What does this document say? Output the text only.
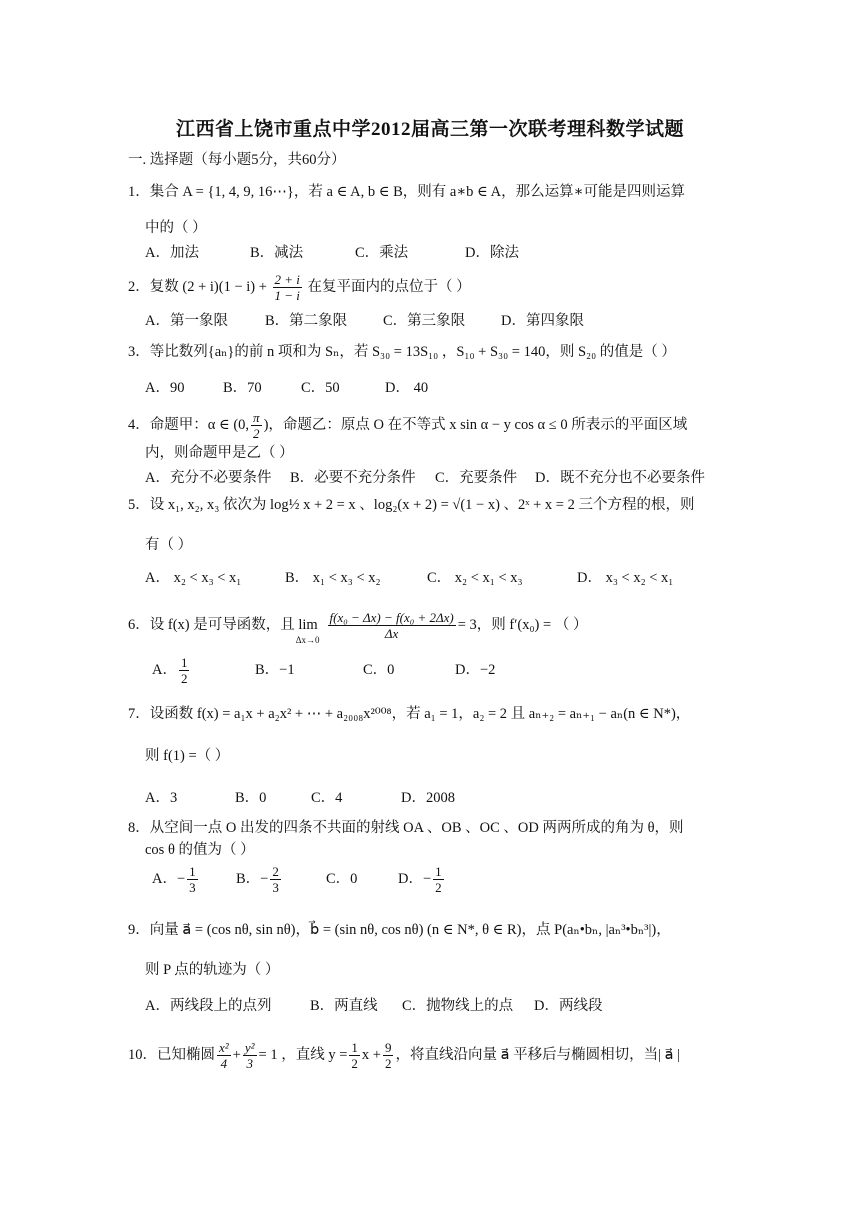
江西省上饶市重点中学2012届高三第一次联考理科数学试题
一. 选择题（每小题5分，共60分）
1．集合 A = {1, 4, 9, 16⋯}，若 a ∈ A, b ∈ B，则有 a∗b ∈ A，那么运算∗可能是四则运算
中的（ ）
A．加法	B．减法	C．乘法	D．除法
2．复数 $(2 + i)(1 - i) + \frac{2 + i}{1 - i}$ 在复平面内的点位于（ ）
A．第一象限	B．第二象限 C．第三象限 D．第四象限
3．等比数列{aₙ}的前 n 项和为 Sₙ，若 S₃₀ = 13S₁₀ ，S₁₀ + S₃₀ = 140，则 S₂₀ 的值是（ ）
A．90	B．70	C．50	D． 40
4．命题甲：α ∈ (0, $\frac{\pi}{2}$ )，命题乙：原点 O 在不等式 x sin α − y cos α ≤ 0 所表示的平面区域
内，则命题甲是乙（ ）
A．充分不必要条件 B．必要不充分条件 C．充要条件 D．既不充分也不必要条件
5．设 x₁, x₂, x₃ 依次为 log½ x + 2 = x 、log₂(x + 2) = √(1 − x) 、2ˣ + x = 2 三个方程的根，则
有（ ）
A． x₂ < x₃ < x₁	B． x₁ < x₃ < x₂	C． x₂ < x₁ < x₃	D． x₃ < x₂ < x₁
6．设 f(x) 是可导函数，且 $\lim\Delta x\to 0 \frac{\text{f(x₀ − Δx) − f(x₀ + 2Δx)}}{\Delta x} = 3$，则 f′(x₀) = （ ）
A． $\frac{1}{2}$	B．−1	C．0	D．−2
7．设函数 f(x) = a₁x + a₂x² + ⋯ + a₂₀₀₈x²⁰⁰⁸，若 a₁ = 1，a₂ = 2 且 aₙ₊₂ = aₙ₊₁ − aₙ(n ∈ N*)，
则 f(1) =（ ）
A．3	B．0	C．4	D．2008
8．从空间一点 O 出发的四条不共面的射线 OA 、OB 、OC 、OD 两两所成的角为 θ，则
cos θ 的值为（ ）
A．− $\frac{1}{3}$	B．− $\frac{2}{3}$	C．0	D．− $\frac{1}{2}$
9．向量 a⃗ = (cos nθ, sin nθ)，b⃗ = (sin nθ, cos nθ) (n ∈ N*, θ ∈ R)，点 P(aₙ•bₙ, |aₙ³•bₙ³|)，
则 P 点的轨迹为（ ）
A．两线段上的点列	B．两直线 C．抛物线上的点 D．两线段
10．已知椭圆 $\frac{\text{x²}}{4} + \frac{\text{y²}}{3} = 1$ ，直线 $y = \frac{1}{2}$ $x + \frac{9}{2}$ ，将直线沿向量 a⃗ 平移后与椭圆相切，当| a⃗ |
